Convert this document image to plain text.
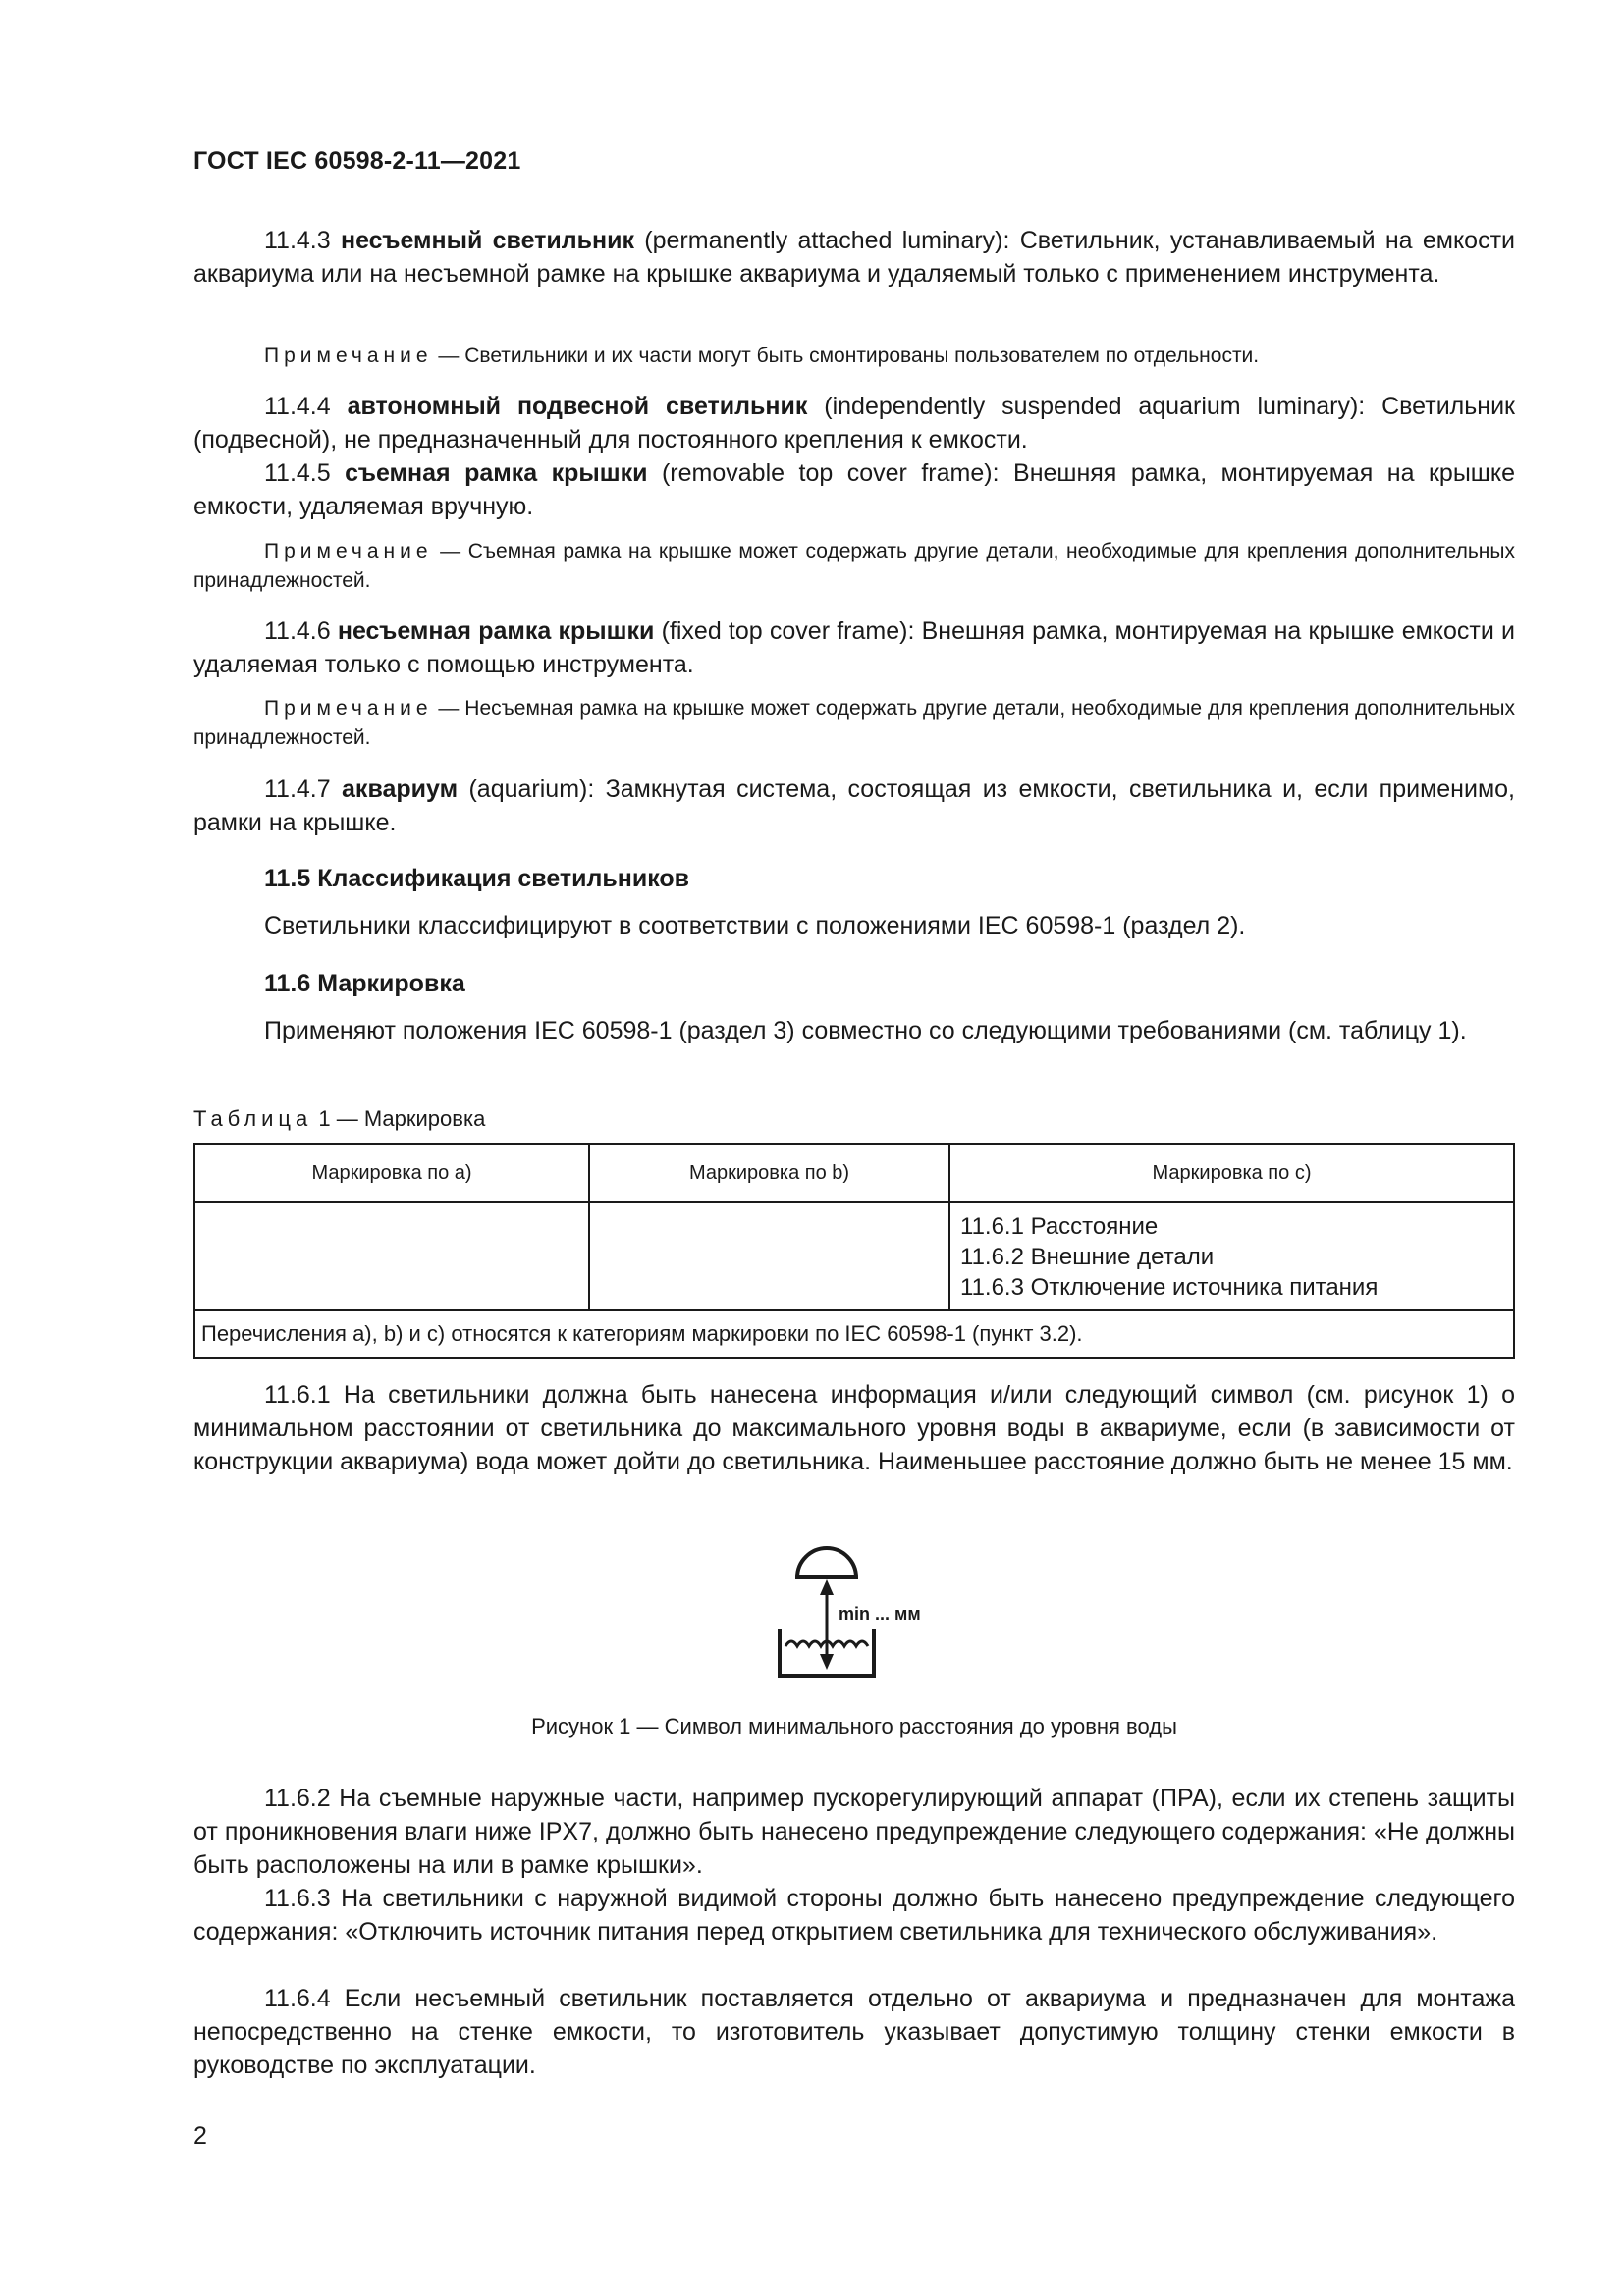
ГОСТ IEC 60598-2-11—2021

11.4.3 несъемный светильник (permanently attached luminary): Светильник, устанавливаемый на емкости аквариума или на несъемной рамке на крышке аквариума и удаляемый только с применением инструмента.

Примечание — Светильники и их части могут быть смонтированы пользователем по отдельности.

11.4.4 автономный подвесной светильник (independently suspended aquarium luminary): Светильник (подвесной), не предназначенный для постоянного крепления к емкости.

11.4.5 съемная рамка крышки (removable top cover frame): Внешняя рамка, монтируемая на крышке емкости, удаляемая вручную.

Примечание — Съемная рамка на крышке может содержать другие детали, необходимые для крепления дополнительных принадлежностей.

11.4.6 несъемная рамка крышки (fixed top cover frame): Внешняя рамка, монтируемая на крышке емкости и удаляемая только с помощью инструмента.

Примечание — Несъемная рамка на крышке может содержать другие детали, необходимые для крепления дополнительных принадлежностей.

11.4.7 аквариум (aquarium): Замкнутая система, состоящая из емкости, светильника и, если применимо, рамки на крышке.

11.5 Классификация светильников

Светильники классифицируют в соответствии с положениями IEC 60598-1 (раздел 2).

11.6 Маркировка

Применяют положения IEC 60598-1 (раздел 3) совместно со следующими требованиями (см. таблицу 1).

Таблица 1 — Маркировка

Маркировка по a)	Маркировка по b)	Маркировка по c)

		11.6.1 Расстояние
11.6.2 Внешние детали
11.6.3 Отключение источника питания

Перечисления a), b) и c) относятся к категориям маркировки по IEC 60598-1 (пункт 3.2).		

11.6.1 На светильники должна быть нанесена информация и/или следующий символ (см. рисунок 1) о минимальном расстоянии от светильника до максимального уровня воды в аквариуме, если (в зависимости от конструкции аквариума) вода может дойти до светильника. Наименьшее расстояние должно быть не менее 15 мм.

min ... мм
Рисунок 1 — Символ минимального расстояния до уровня воды

11.6.2 На съемные наружные части, например пускорегулирующий аппарат (ПРА), если их степень защиты от проникновения влаги ниже IPX7, должно быть нанесено предупреждение следующего содержания: «Не должны быть расположены на или в рамке крышки».

11.6.3 На светильники с наружной видимой стороны должно быть нанесено предупреждение следующего содержания: «Отключить источник питания перед открытием светильника для технического обслуживания».

11.6.4 Если несъемный светильник поставляется отдельно от аквариума и предназначен для монтажа непосредственно на стенке емкости, то изготовитель указывает допустимую толщину стенки емкости в руководстве по эксплуатации.

2
